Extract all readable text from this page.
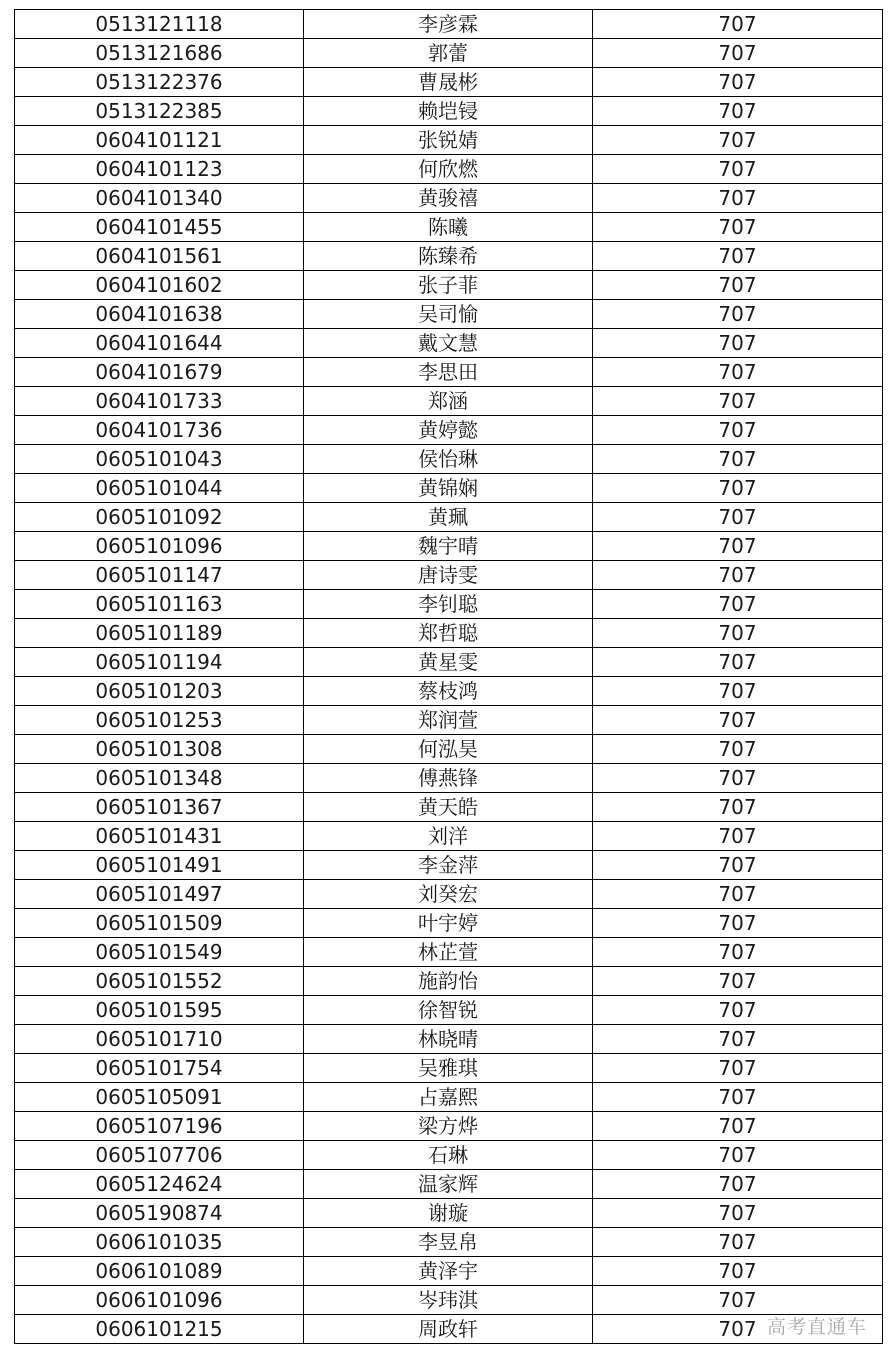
0513121118	李彦霖	707
0513121686	郭蕾	707
0513122376	曹晟彬	707
0513122385	赖垲锓	707
0604101121	张锐婧	707
0604101123	何欣燃	707
0604101340	黄骏禧	707
0604101455	陈曦	707
0604101561	陈臻希	707
0604101602	张子菲	707
0604101638	吴司愉	707
0604101644	戴文慧	707
0604101679	李思田	707
0604101733	郑涵	707
0604101736	黄婷懿	707
0605101043	侯怡琳	707
0605101044	黄锦娴	707
0605101092	黄珮	707
0605101096	魏宇晴	707
0605101147	唐诗雯	707
0605101163	李钊聪	707
0605101189	郑哲聪	707
0605101194	黄星雯	707
0605101203	蔡枝鸿	707
0605101253	郑润萱	707
0605101308	何泓昊	707
0605101348	傅燕锋	707
0605101367	黄天皓	707
0605101431	刘洋	707
0605101491	李金萍	707
0605101497	刘癸宏	707
0605101509	叶宇婷	707
0605101549	林芷萱	707
0605101552	施韵怡	707
0605101595	徐智锐	707
0605101710	林晓晴	707
0605101754	吴雅琪	707
0605105091	占嘉熙	707
0605107196	梁方烨	707
0605107706	石琳	707
0605124624	温家辉	707
0605190874	谢璇	707
0606101035	李昱帛	707
0606101089	黄泽宇	707
0606101096	岑玮淇	707
0606101215	周政轩	707 高考直通车
